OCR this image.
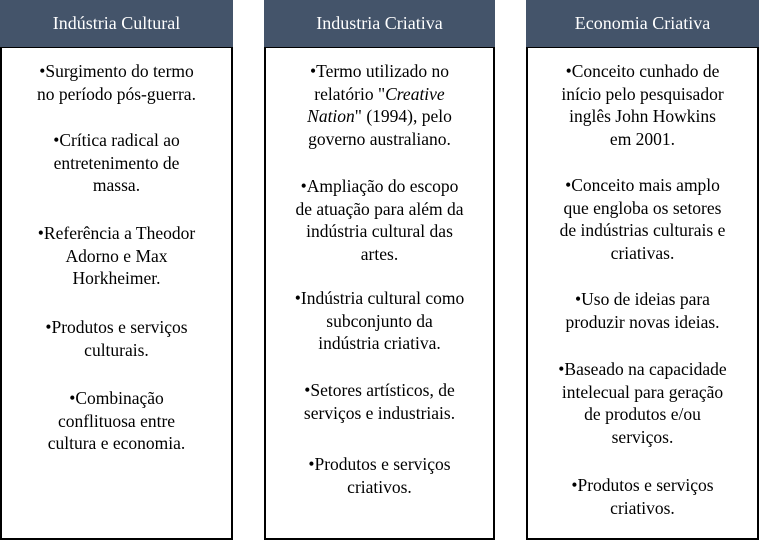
Indústria Cultural
•Surgimento do termo
no período pós-guerra.
•Crítica radical ao
entretenimento de
massa.
•Referência a Theodor
Adorno e Max
Horkheimer.
•Produtos e serviços
culturais.
•Combinação
conflituosa entre
cultura e economia.
Industria Criativa
•Termo utilizado no
relatório "Creative
Nation" (1994), pelo
governo australiano.
•Ampliação do escopo
de atuação para além da
indústria cultural das
artes.
•Indústria cultural como
subconjunto da
indústria criativa.
•Setores artísticos, de
serviços e industriais.
•Produtos e serviços
criativos.
Economia Criativa
•Conceito cunhado de
início pelo pesquisador
inglês John Howkins
em 2001.
•Conceito mais amplo
que engloba os setores
de indústrias culturais e
criativas.
•Uso de ideias para
produzir novas ideias.
•Baseado na capacidade
intelecual para geração
de produtos e/ou
serviços.
•Produtos e serviços
criativos.
